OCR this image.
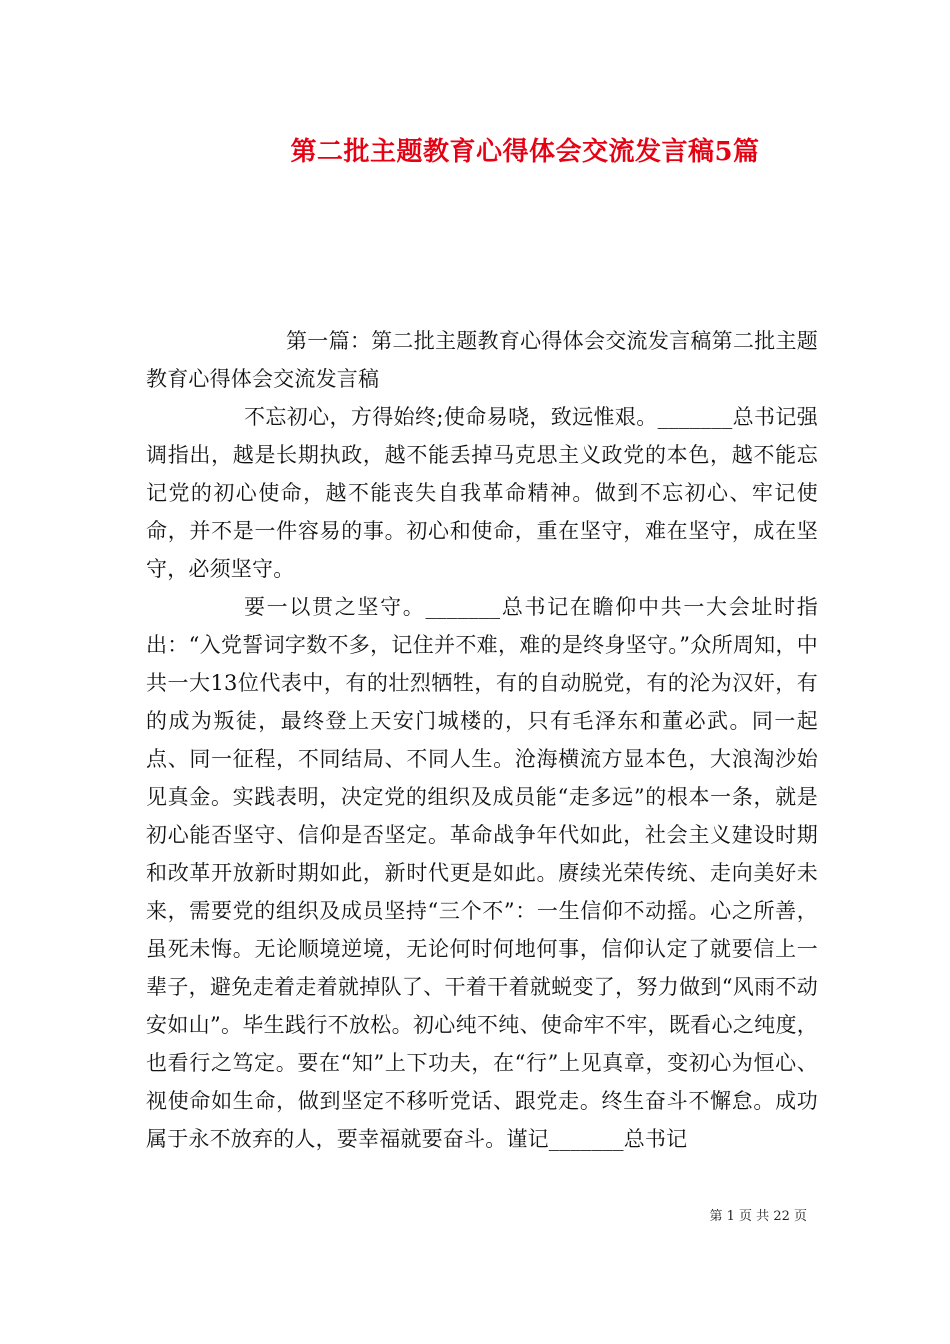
第二批主题教育心得体会交流发言稿5篇

第一篇：第二批主题教育心得体会交流发言稿第二批主题教育心得体会交流发言稿

不忘初心，方得始终;使命易哓，致远惟艰。_______总书记强调指出，越是长期执政，越不能丢掉马克思主义政党的本色，越不能忘记党的初心使命，越不能丧失自我革命精神。做到不忘初心、牢记使命，并不是一件容易的事。初心和使命，重在坚守，难在坚守，成在坚守，必须坚守。

要一以贯之坚守。_______总书记在瞻仰中共一大会址时指出：“入党誓词字数不多，记住并不难，难的是终身坚守。”众所周知，中共一大13位代表中，有的壮烈牺牲，有的自动脱党，有的沦为汉奸，有的成为叛徒，最终登上天安门城楼的，只有毛泽东和董必武。同一起点、同一征程，不同结局、不同人生。沧海横流方显本色，大浪淘沙始见真金。实践表明，决定党的组织及成员能“走多远”的根本一条，就是初心能否坚守、信仰是否坚定。革命战争年代如此，社会主义建设时期和改革开放新时期如此，新时代更是如此。赓续光荣传统、走向美好未来，需要党的组织及成员坚持“三个不”：一生信仰不动摇。心之所善，虽死未悔。无论顺境逆境，无论何时何地何事，信仰认定了就要信上一辈子，避免走着走着就掉队了、干着干着就蜕变了，努力做到“风雨不动安如山”。毕生践行不放松。初心纯不纯、使命牢不牢，既看心之纯度，也看行之笃定。要在“知”上下功夫，在“行”上见真章，变初心为恒心、视使命如生命，做到坚定不移听党话、跟党走。终生奋斗不懈怠。成功属于永不放弃的人，要幸福就要奋斗。谨记_______总书记

第 1 页 共 22 页
